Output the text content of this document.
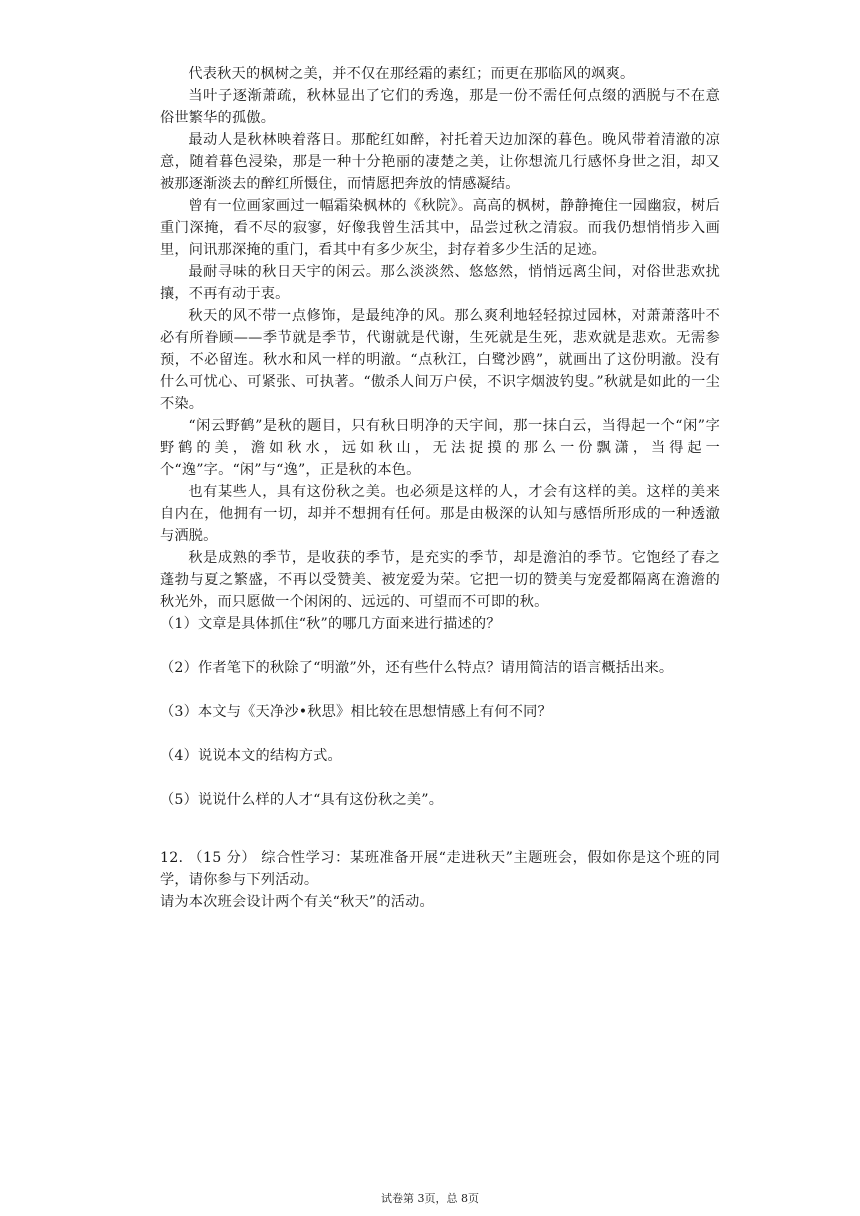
代表秋天的枫树之美，并不仅在那经霜的素红；而更在那临风的飒爽。

当叶子逐渐萧疏，秋林显出了它们的秀逸，那是一份不需任何点缀的洒脱与不在意俗世繁华的孤傲。

最动人是秋林映着落日。那酡红如醉，衬托着天边加深的暮色。晚风带着清澈的凉意，随着暮色浸染，那是一种十分艳丽的凄楚之美，让你想流几行感怀身世之泪，却又被那逐渐淡去的醉红所慑住，而情愿把奔放的情感凝结。

曾有一位画家画过一幅霜染枫林的《秋院》。高高的枫树，静静掩住一园幽寂，树后重门深掩，看不尽的寂寥，好像我曾生活其中，品尝过秋之清寂。而我仍想悄悄步入画里，问讯那深掩的重门，看其中有多少灰尘，封存着多少生活的足迹。

最耐寻味的秋日天宇的闲云。那么淡淡然、悠悠然，悄悄远离尘间，对俗世悲欢扰攘，不再有动于衷。

秋天的风不带一点修饰，是最纯净的风。那么爽利地轻轻掠过园林，对萧萧落叶不必有所眷顾——季节就是季节，代谢就是代谢，生死就是生死，悲欢就是悲欢。无需参预，不必留连。秋水和风一样的明澈。“点秋江，白鹭沙鸥”，就画出了这份明澈。没有什么可忧心、可紧张、可执著。“傲杀人间万户侯，不识字烟波钓叟。”秋就是如此的一尘不染。

“闲云野鹤”是秋的题目，只有秋日明净的天宇间，那一抹白云，当得起一个“闲”字野鹤的美，澹如秋水，远如秋山，无法捉摸的那么一份飘潇，当得起一个“逸”字。“闲”与“逸”，正是秋的本色。

也有某些人，具有这份秋之美。也必须是这样的人，才会有这样的美。这样的美来自内在，他拥有一切，却并不想拥有任何。那是由极深的认知与感悟所形成的一种透澈与洒脱。

秋是成熟的季节，是收获的季节，是充实的季节，却是澹泊的季节。它饱经了春之蓬勃与夏之繁盛，不再以受赞美、被宠爱为荣。它把一切的赞美与宠爱都隔离在澹澹的秋光外，而只愿做一个闲闲的、远远的、可望而不可即的秋。

（1）文章是具体抓住“秋”的哪几方面来进行描述的？

（2）作者笔下的秋除了“明澈”外，还有些什么特点？请用简洁的语言概括出来。

（3）本文与《天净沙•秋思》相比较在思想情感上有何不同？

（4）说说本文的结构方式。

（5）说说什么样的人才“具有这份秋之美”。

12. （15 分） 综合性学习：某班准备开展“走进秋天”主题班会，假如你是这个班的同学，请你参与下列活动。

请为本次班会设计两个有关“秋天”的活动。

试卷第 3页，总 8页
